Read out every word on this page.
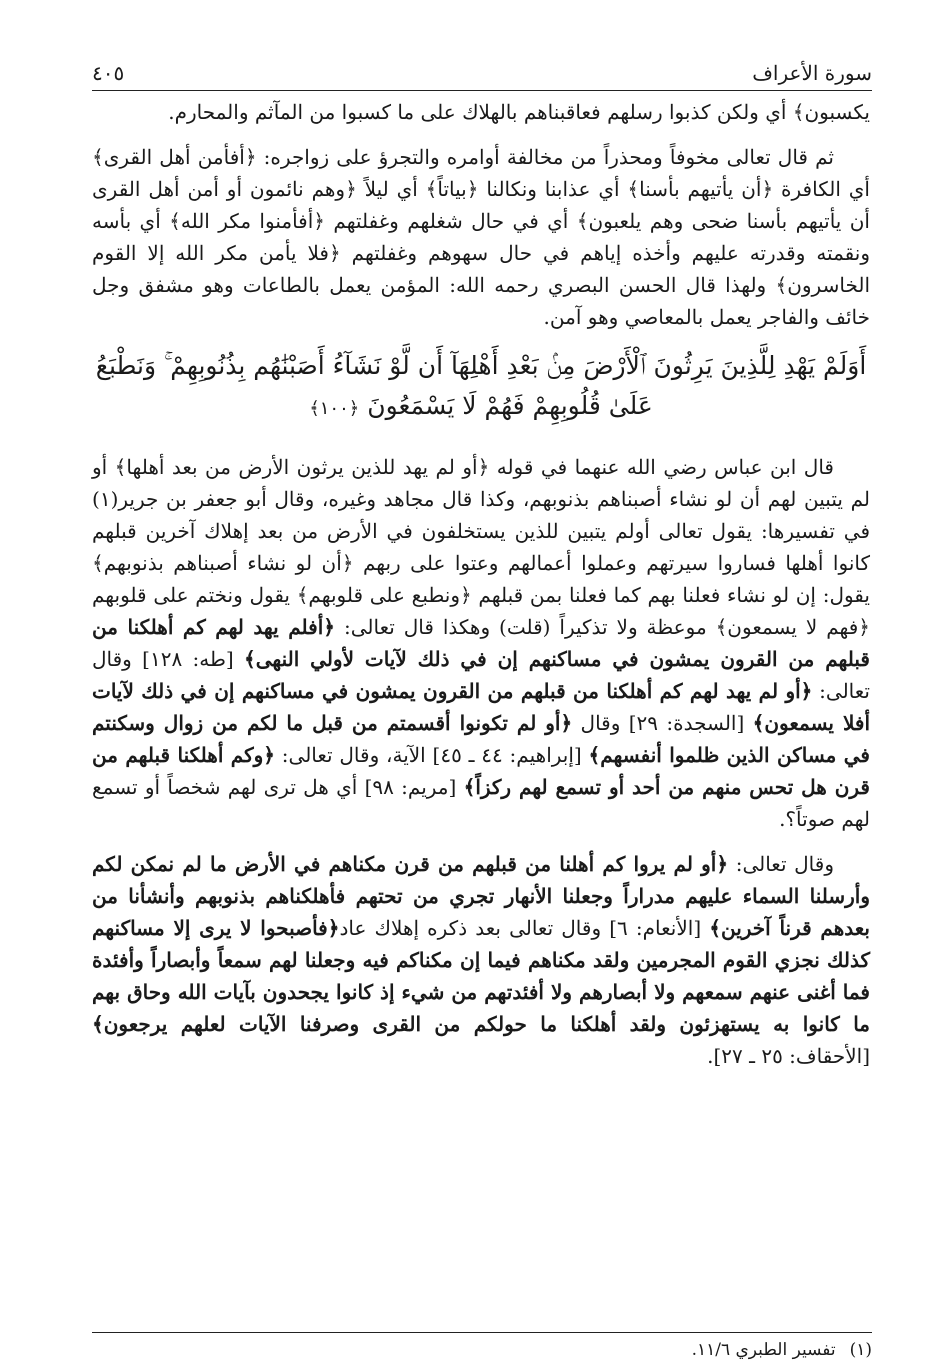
سورة الأعراف
٤٠٥

يكسبون﴾ أي ولكن كذبوا رسلهم فعاقبناهم بالهلاك على ما كسبوا من المآثم والمحارم.

ثم قال تعالى مخوفاً ومحذراً من مخالفة أوامره والتجرؤ على زواجره: ﴿أفأمن أهل القرى﴾ أي الكافرة ﴿أن يأتيهم بأسنا﴾ أي عذابنا ونكالنا ﴿بياتاً﴾ أي ليلاً ﴿وهم نائمون أو أمن أهل القرى أن يأتيهم بأسنا ضحى وهم يلعبون﴾ أي في حال شغلهم وغفلتهم ﴿أفأمنوا مكر الله﴾ أي بأسه ونقمته وقدرته عليهم وأخذه إياهم في حال سهوهم وغفلتهم ﴿فلا يأمن مكر الله إلا القوم الخاسرون﴾ ولهذا قال الحسن البصري رحمه الله: المؤمن يعمل بالطاعات وهو مشفق وجل خائف والفاجر يعمل بالمعاصي وهو آمن.

أَوَلَمْ يَهْدِ لِلَّذِينَ يَرِثُونَ ٱلْأَرْضَ مِنۢ بَعْدِ أَهْلِهَآ أَن لَّوْ نَشَآءُ أَصَبْنَٰهُم بِذُنُوبِهِمْ ۚ وَنَطْبَعُ عَلَىٰ قُلُوبِهِمْ فَهُمْ لَا يَسْمَعُونَ ﴿١٠٠﴾

قال ابن عباس رضي الله عنهما في قوله ﴿أو لم يهد للذين يرثون الأرض من بعد أهلها﴾ أو لم يتبين لهم أن لو نشاء أصبناهم بذنوبهم، وكذا قال مجاهد وغيره، وقال أبو جعفر بن جرير(١) في تفسيرها: يقول تعالى أولم يتبين للذين يستخلفون في الأرض من بعد إهلاك آخرين قبلهم كانوا أهلها فساروا سيرتهم وعملوا أعمالهم وعتوا على ربهم ﴿أن لو نشاء أصبناهم بذنوبهم﴾ يقول: إن لو نشاء فعلنا بهم كما فعلنا بمن قبلهم ﴿ونطبع على قلوبهم﴾ يقول ونختم على قلوبهم ﴿فهم لا يسمعون﴾ موعظة ولا تذكيراً (قلت) وهكذا قال تعالى: ﴿أفلم يهد لهم كم أهلكنا من قبلهم من القرون يمشون في مساكنهم إن في ذلك لآيات لأولي النهى﴾ [طه: ١٢٨] وقال تعالى: ﴿أو لم يهد لهم كم أهلكنا من قبلهم من القرون يمشون في مساكنهم إن في ذلك لآيات أفلا يسمعون﴾ [السجدة: ٢٩] وقال ﴿أو لم تكونوا أقسمتم من قبل ما لكم من زوال وسكنتم في مساكن الذين ظلموا أنفسهم﴾ [إبراهيم: ٤٤ ـ ٤٥] الآية، وقال تعالى: ﴿وكم أهلكنا قبلهم من قرن هل تحس منهم من أحد أو تسمع لهم ركزاً﴾ [مريم: ٩٨] أي هل ترى لهم شخصاً أو تسمع لهم صوتاً؟.

وقال تعالى: ﴿أو لم يروا كم أهلنا من قبلهم من قرن مكناهم في الأرض ما لم نمكن لكم وأرسلنا السماء عليهم مدراراً وجعلنا الأنهار تجري من تحتهم فأهلكناهم بذنوبهم وأنشأنا من بعدهم قرناً آخرين﴾ [الأنعام: ٦] وقال تعالى بعد ذكره إهلاك عاد﴿فأصبحوا لا يرى إلا مساكنهم كذلك نجزي القوم المجرمين ولقد مكناهم فيما إن مكناكم فيه وجعلنا لهم سمعاً وأبصاراً وأفئدة فما أغنى عنهم سمعهم ولا أبصارهم ولا أفئدتهم من شيء إذ كانوا يجحدون بآيات الله وحاق بهم ما كانوا به يستهزئون ولقد أهلكنا ما حولكم من القرى وصرفنا الآيات لعلهم يرجعون﴾ [الأحقاف: ٢٥ ـ ٢٧].

(١)تفسير الطبري ١١/٦.
